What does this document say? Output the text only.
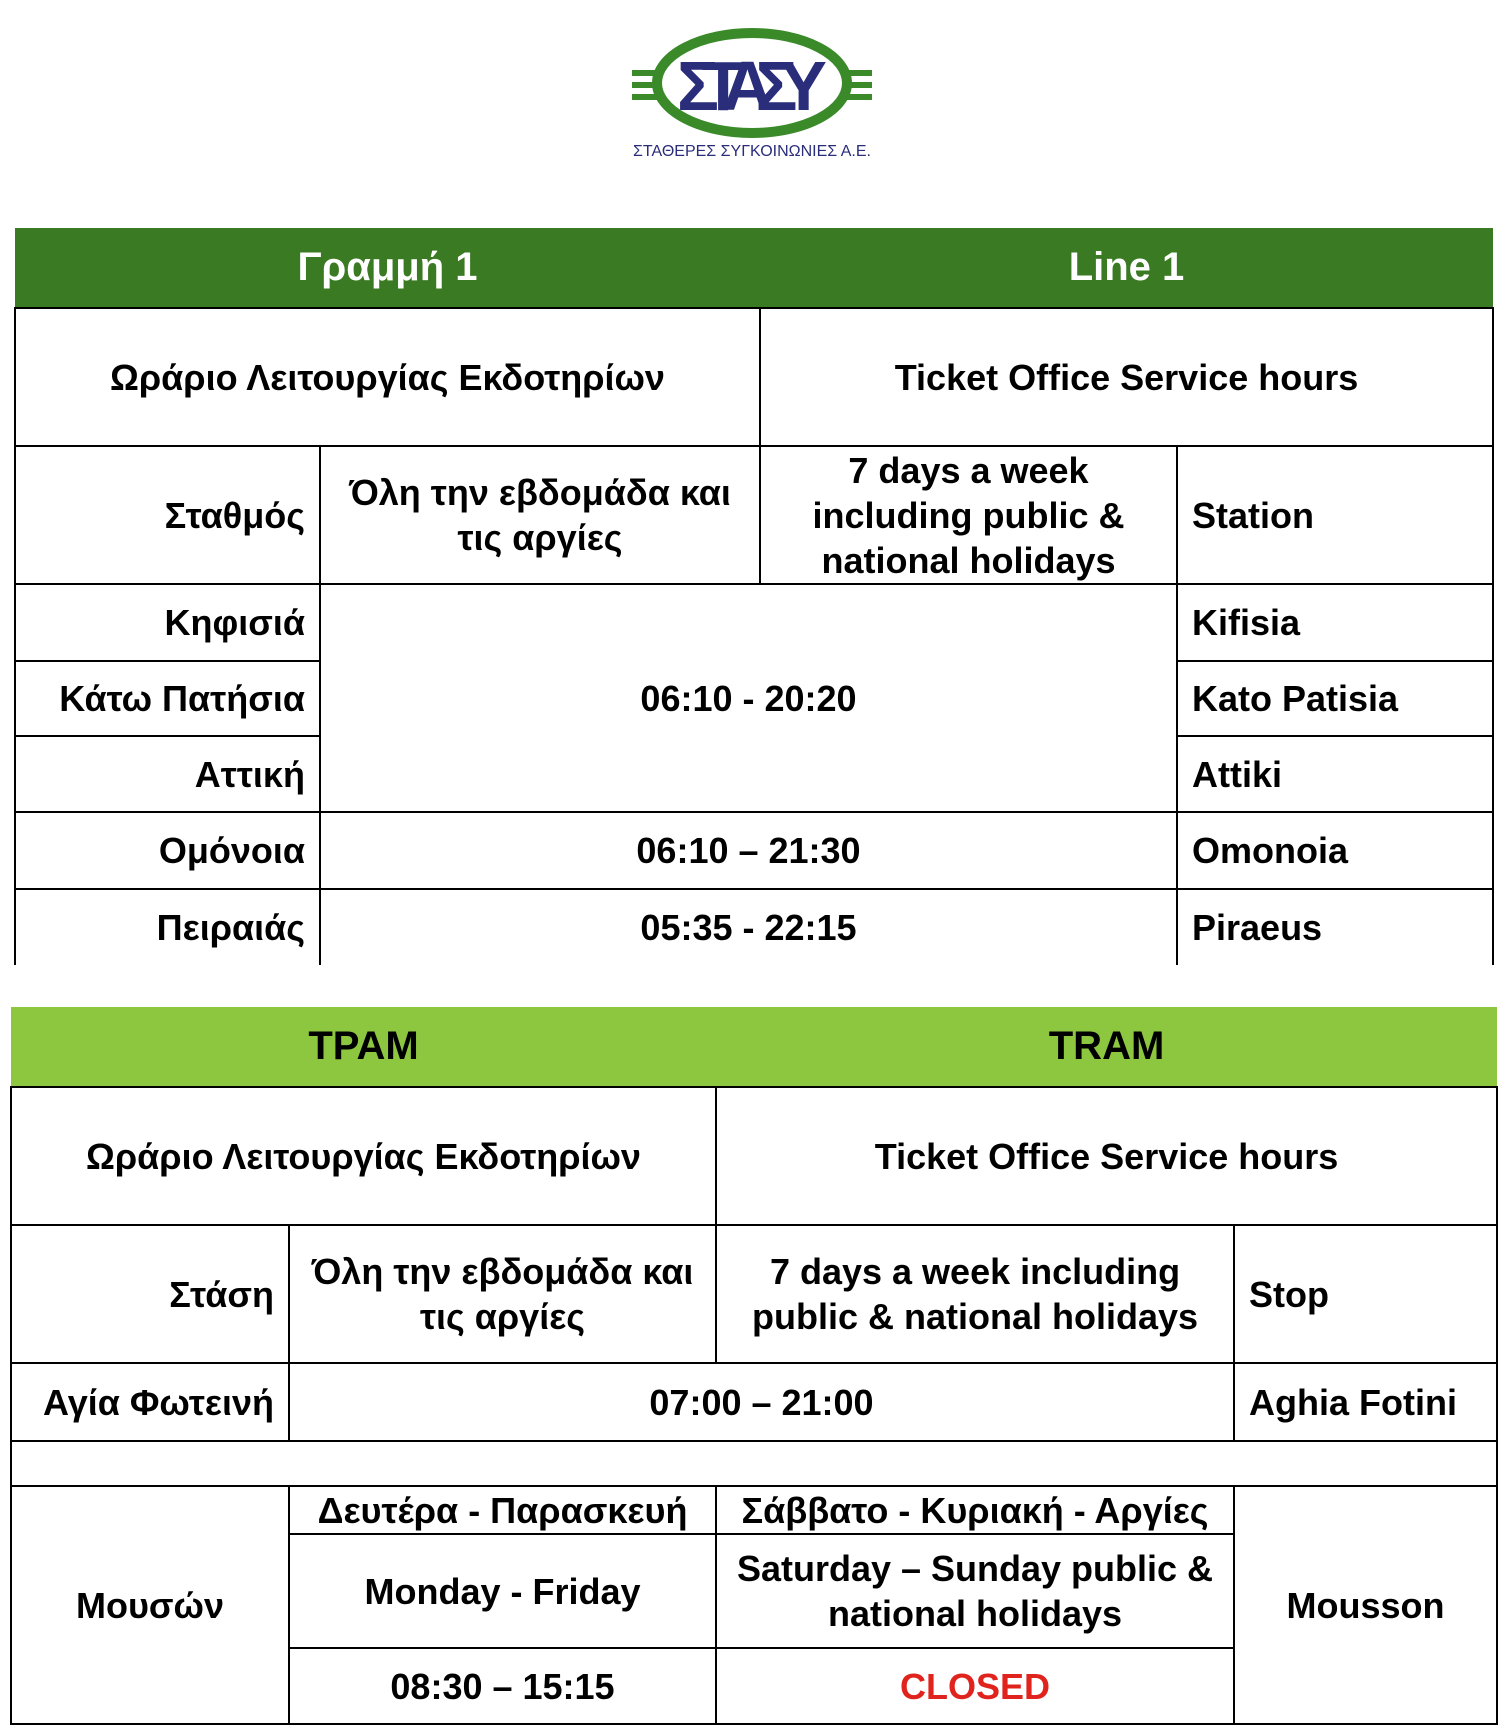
ΣΤΑΣΥ
ΣΤΑΘΕΡΕΣ ΣΥΓΚΟΙΝΩΝΙΕΣ Α.Ε.
Γραμμή 1		Line 1	
Ωράριο Λειτουργίας Εκδοτηρίων		Ticket Office Service hours	
Σταθμός	Όλη την εβδομάδα και τις αργίες	7 days a week including public & national holidays	Station
Κηφισιά	06:10 - 20:20		Kifisia
Κάτω Πατήσια			Kato Patisia
Αττική			Attiki
Ομόνοια	06:10 – 21:30		Omonoia
Πειραιάς	05:35 - 22:15		Piraeus
ΤΡΑΜ		TRAM	
Ωράριο Λειτουργίας Εκδοτηρίων		Ticket Office Service hours	
Στάση	Όλη την εβδομάδα και τις αργίες	7 days a week including public & national holidays	Stop
Αγία Φωτεινή	07:00 – 21:00		Aghia Fotini

Μουσών	Δευτέρα - Παρασκευή	Σάββατο - Κυριακή - Αργίες	Mousson
	Monday - Friday	Saturday – Sunday public & national holidays	
	08:30 – 15:15	CLOSED	
